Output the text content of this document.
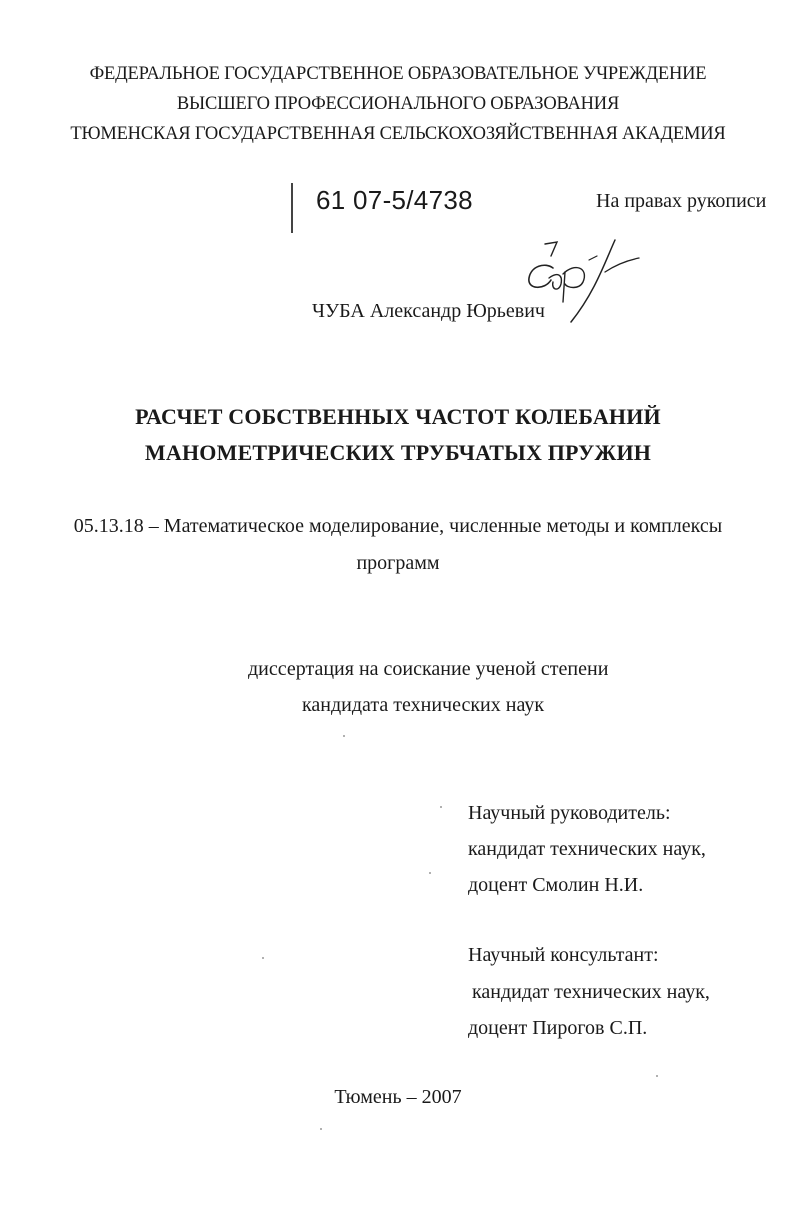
ФЕДЕРАЛЬНОЕ ГОСУДАРСТВЕННОЕ ОБРАЗОВАТЕЛЬНОЕ УЧРЕЖДЕНИЕ
ВЫСШЕГО ПРОФЕССИОНАЛЬНОГО ОБРАЗОВАНИЯ
ТЮМЕНСКАЯ ГОСУДАРСТВЕННАЯ СЕЛЬСКОХОЗЯЙСТВЕННАЯ АКАДЕМИЯ
61 07-5/4738	На правах рукописи
ЧУБА Александр Юрьевич
РАСЧЕТ СОБСТВЕННЫХ ЧАСТОТ КОЛЕБАНИЙ
МАНОМЕТРИЧЕСКИХ ТРУБЧАТЫХ ПРУЖИН
05.13.18 – Математическое моделирование, численные методы и комплексы
программ
диссертация на соискание ученой степени
кандидата технических наук
Научный руководитель:
кандидат технических наук,
доцент Смолин Н.И.
Научный консультант:
кандидат технических наук,
доцент Пирогов С.П.
Тюмень – 2007
